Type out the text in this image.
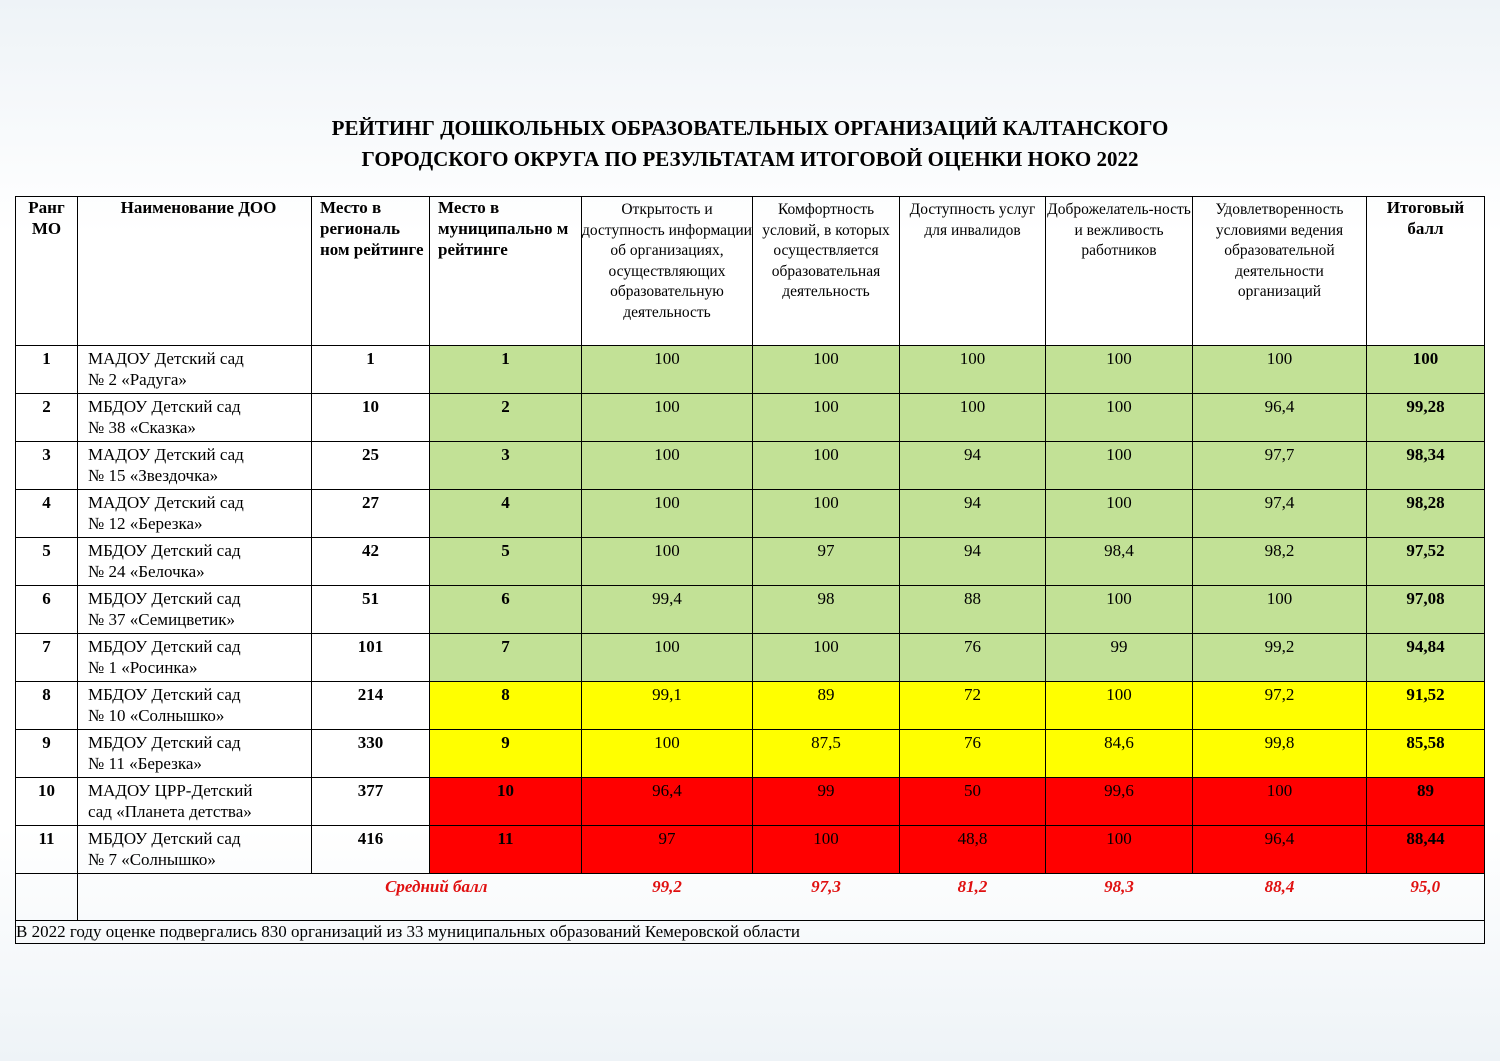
РЕЙТИНГ ДОШКОЛЬНЫХ ОБРАЗОВАТЕЛЬНЫХ ОРГАНИЗАЦИЙ КАЛТАНСКОГО
ГОРОДСКОГО ОКРУГА ПО РЕЗУЛЬТАТАМ ИТОГОВОЙ ОЦЕНКИ НОКО 2022
Ранг МО	Наименование ДОО	Место в региональ ном рейтинге	Место в муниципально м рейтинге	Открытость и доступность информации об организациях, осуществляющих образовательную деятельность	Комфортность условий, в которых осуществляется образовательная деятельность	Доступность услуг для инвалидов	Доброжелатель-ность и вежливость работников	Удовлетворенность условиями ведения образовательной деятельности организаций	Итоговый балл
1	МАДОУ Детский сад
№ 2 «Радуга»	1	1	100	100	100	100	100	100
2	МБДОУ Детский сад
№ 38 «Сказка»	10	2	100	100	100	100	96,4	99,28
3	МАДОУ Детский сад
№ 15 «Звездочка»	25	3	100	100	94	100	97,7	98,34
4	МАДОУ Детский сад
№ 12 «Березка»	27	4	100	100	94	100	97,4	98,28
5	МБДОУ Детский сад
№ 24 «Белочка»	42	5	100	97	94	98,4	98,2	97,52
6	МБДОУ Детский сад
№ 37 «Семицветик»	51	6	99,4	98	88	100	100	97,08
7	МБДОУ Детский сад
№ 1 «Росинка»	101	7	100	100	76	99	99,2	94,84
8	МБДОУ Детский сад
№ 10 «Солнышко»	214	8	99,1	89	72	100	97,2	91,52
9	МБДОУ Детский сад
№ 11 «Березка»	330	9	100	87,5	76	84,6	99,8	85,58
10	МАДОУ ЦРР-Детский
сад «Планета детства»	377	10	96,4	99	50	99,6	100	89
11	МБДОУ Детский сад
№ 7 «Солнышко»	416	11	97	100	48,8	100	96,4	88,44
	Средний балл			99,2	97,3	81,2	98,3	88,4	95,0
В 2022 году оценке подвергались 830 организаций из 33 муниципальных образований Кемеровской области									
